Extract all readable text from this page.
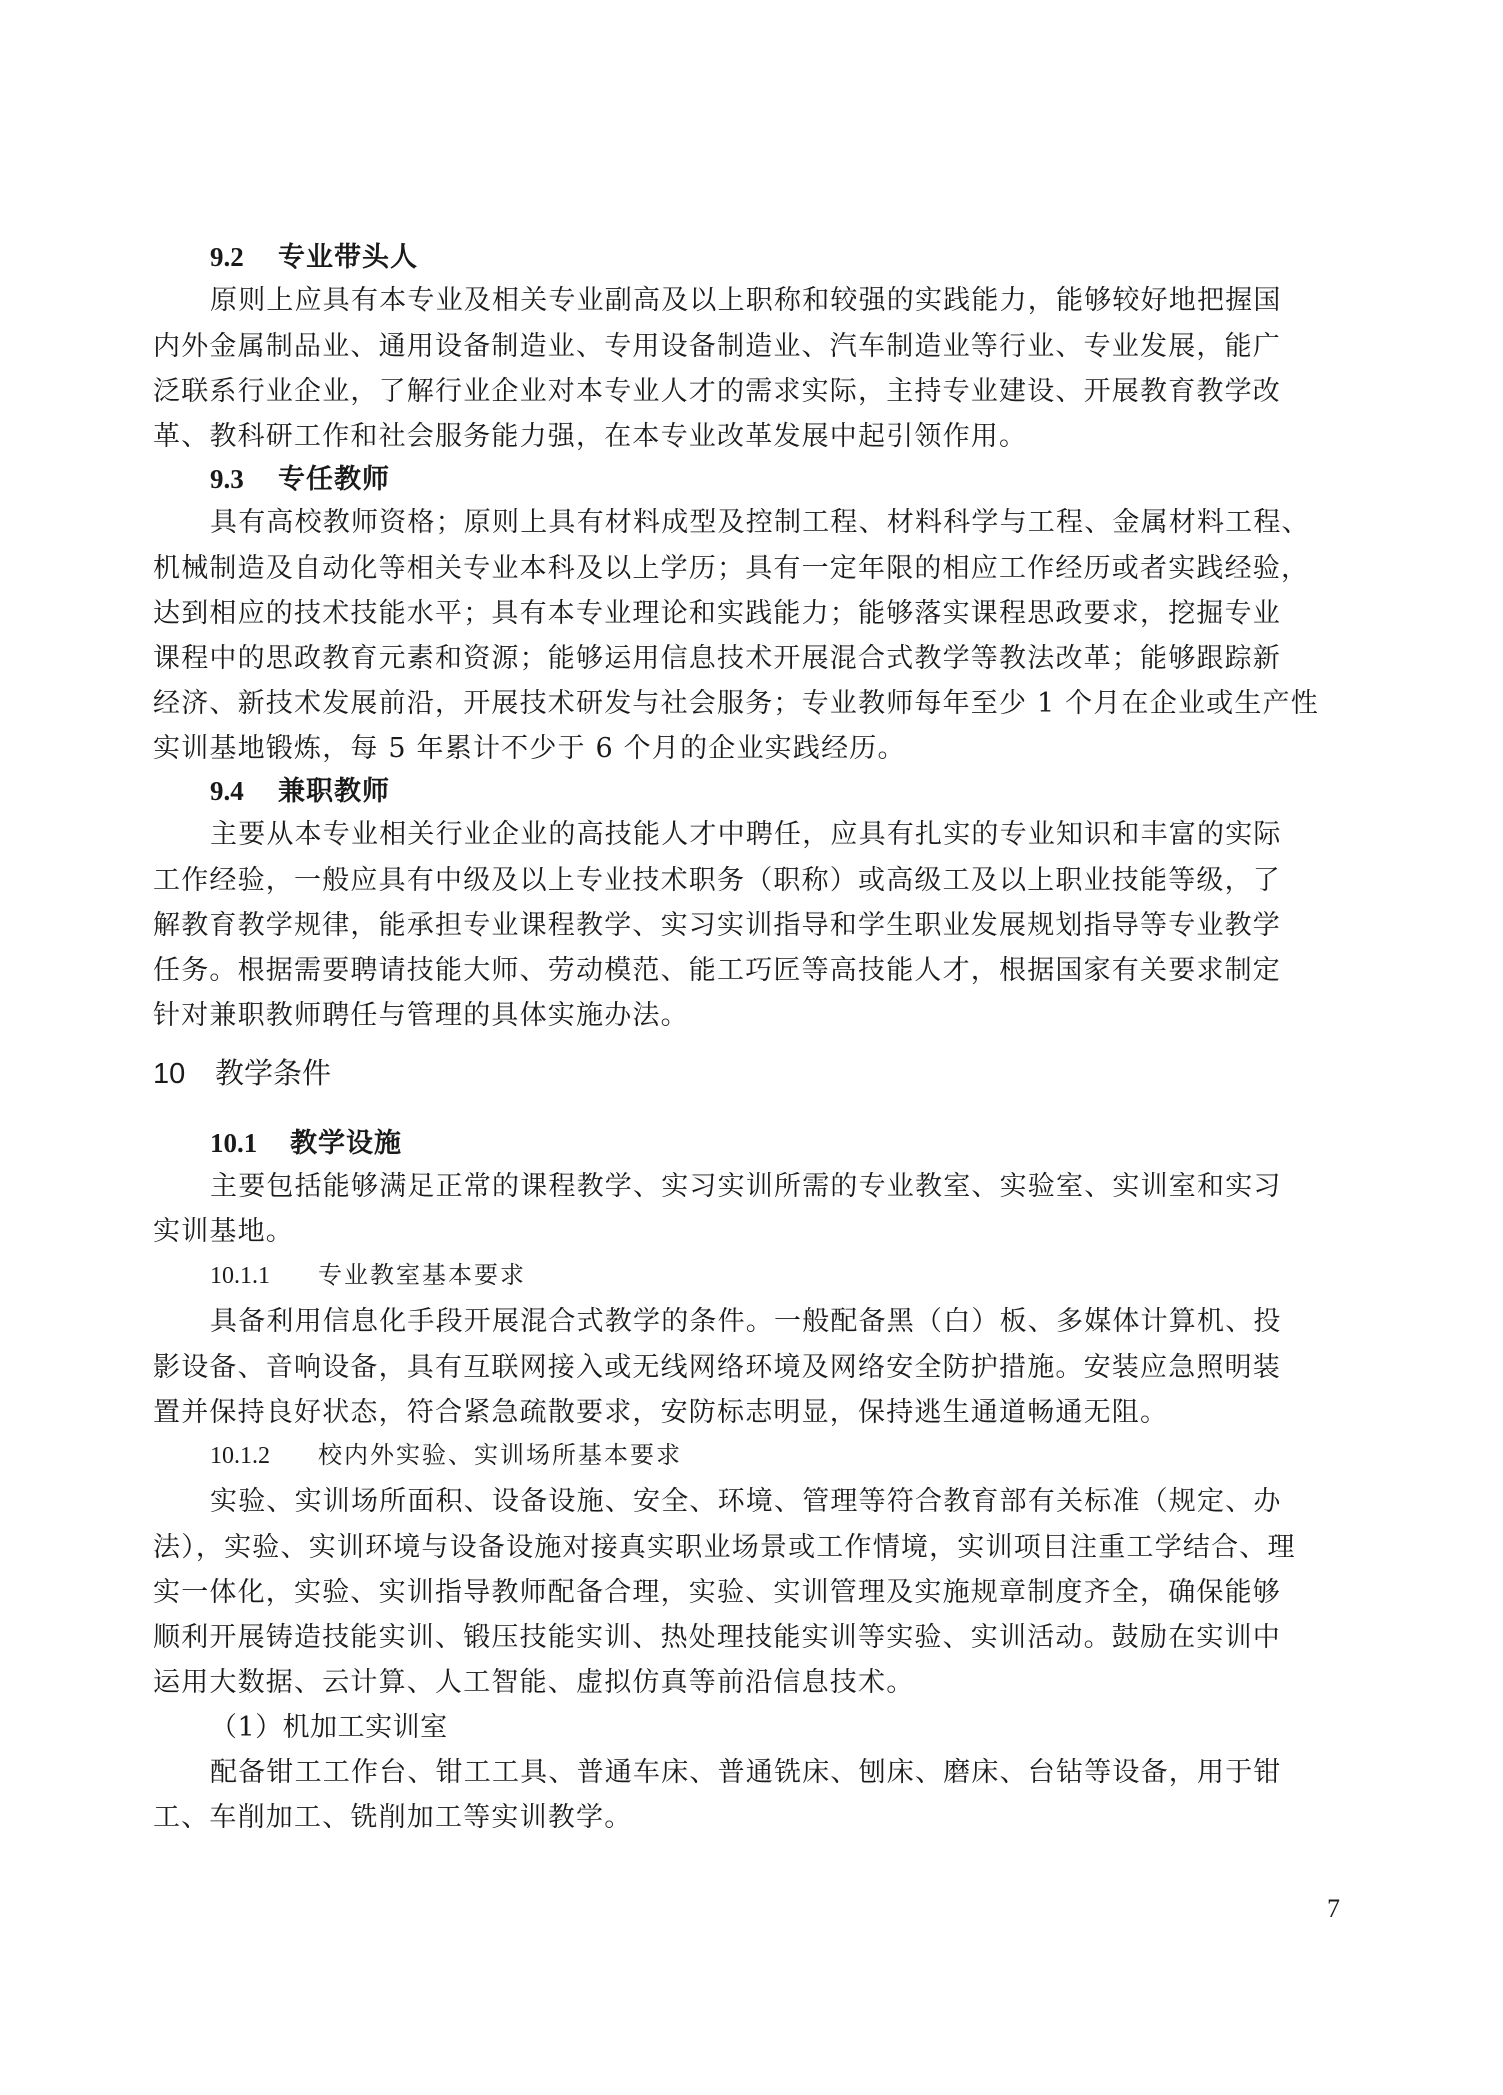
9.2 专业带头人
原则上应具有本专业及相关专业副高及以上职称和较强的实践能力，能够较好地把握国
内外金属制品业、通用设备制造业、专用设备制造业、汽车制造业等行业、专业发展，能广
泛联系行业企业，了解行业企业对本专业人才的需求实际，主持专业建设、开展教育教学改
革、教科研工作和社会服务能力强，在本专业改革发展中起引领作用。
9.3 专任教师
具有高校教师资格；原则上具有材料成型及控制工程、材料科学与工程、金属材料工程、
机械制造及自动化等相关专业本科及以上学历；具有一定年限的相应工作经历或者实践经验，
达到相应的技术技能水平；具有本专业理论和实践能力；能够落实课程思政要求，挖掘专业
课程中的思政教育元素和资源；能够运用信息技术开展混合式教学等教法改革；能够跟踪新
经济、新技术发展前沿，开展技术研发与社会服务；专业教师每年至少 1 个月在企业或生产性
实训基地锻炼，每 5 年累计不少于 6 个月的企业实践经历。
9.4 兼职教师
主要从本专业相关行业企业的高技能人才中聘任，应具有扎实的专业知识和丰富的实际
工作经验，一般应具有中级及以上专业技术职务（职称）或高级工及以上职业技能等级，了
解教育教学规律，能承担专业课程教学、实习实训指导和学生职业发展规划指导等专业教学
任务。根据需要聘请技能大师、劳动模范、能工巧匠等高技能人才，根据国家有关要求制定
针对兼职教师聘任与管理的具体实施办法。
10 教学条件
10.1 教学设施
主要包括能够满足正常的课程教学、实习实训所需的专业教室、实验室、实训室和实习
实训基地。
10.1.1 专业教室基本要求
具备利用信息化手段开展混合式教学的条件。一般配备黑（白）板、多媒体计算机、投
影设备、音响设备，具有互联网接入或无线网络环境及网络安全防护措施。安装应急照明装
置并保持良好状态，符合紧急疏散要求，安防标志明显，保持逃生通道畅通无阻。
10.1.2 校内外实验、实训场所基本要求
实验、实训场所面积、设备设施、安全、环境、管理等符合教育部有关标准（规定、办
法），实验、实训环境与设备设施对接真实职业场景或工作情境，实训项目注重工学结合、理
实一体化，实验、实训指导教师配备合理，实验、实训管理及实施规章制度齐全，确保能够
顺利开展铸造技能实训、锻压技能实训、热处理技能实训等实验、实训活动。鼓励在实训中
运用大数据、云计算、人工智能、虚拟仿真等前沿信息技术。
（1）机加工实训室
配备钳工工作台、钳工工具、普通车床、普通铣床、刨床、磨床、台钻等设备，用于钳
工、车削加工、铣削加工等实训教学。
7
